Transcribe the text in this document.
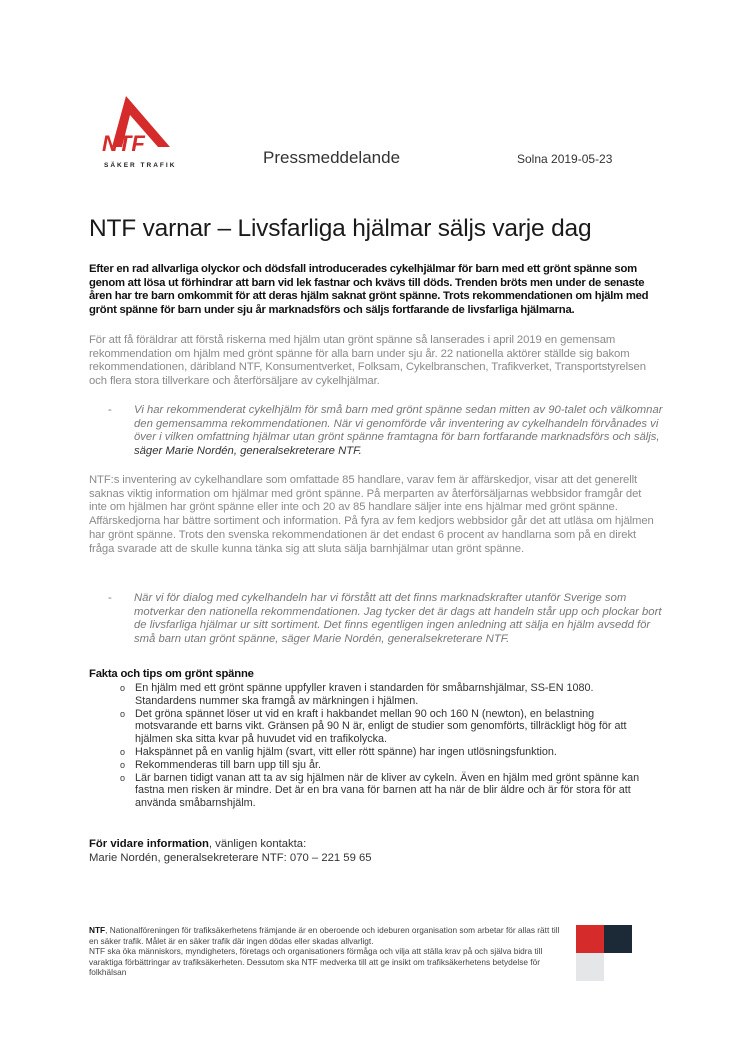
NTF
SÄKER TRAFIK	Pressmeddelande	Solna 2019-05-23
NTF varnar – Livsfarliga hjälmar säljs varje dag
Efter en rad allvarliga olyckor och dödsfall introducerades cykelhjälmar för barn med ett grönt spänne som genom att lösa ut förhindrar att barn vid lek fastnar och kvävs till döds. Trenden bröts men under de senaste åren har tre barn omkommit för att deras hjälm saknat grönt spänne. Trots rekommendationen om hjälm med grönt spänne för barn under sju år marknadsförs och säljs fortfarande de livsfarliga hjälmarna.
För att få föräldrar att förstå riskerna med hjälm utan grönt spänne så lanserades i april 2019 en gemensam rekommendation om hjälm med grönt spänne för alla barn under sju år. 22 nationella aktörer ställde sig bakom rekommendationen, däribland NTF, Konsumentverket, Folksam, Cykelbranschen, Trafikverket, Transportstyrelsen och flera stora tillverkare och återförsäljare av cykelhjälmar.
-	Vi har rekommenderat cykelhjälm för små barn med grönt spänne sedan mitten av 90-talet och välkomnar den gemensamma rekommendationen. När vi genomförde vår inventering av cykelhandeln förvånades vi över i vilken omfattning hjälmar utan grönt spänne framtagna för barn fortfarande marknadsförs och säljs, säger Marie Nordén, generalsekreterare NTF.
NTF:s inventering av cykelhandlare som omfattade 85 handlare, varav fem är affärskedjor, visar att det generellt saknas viktig information om hjälmar med grönt spänne. På merparten av återförsäljarnas webbsidor framgår det inte om hjälmen har grönt spänne eller inte och 20 av 85 handlare säljer inte ens hjälmar med grönt spänne. Affärskedjorna har bättre sortiment och information. På fyra av fem kedjors webbsidor går det att utläsa om hjälmen har grönt spänne. Trots den svenska rekommendationen är det endast 6 procent av handlarna som på en direkt fråga svarade att de skulle kunna tänka sig att sluta sälja barnhjälmar utan grönt spänne.
-	När vi för dialog med cykelhandeln har vi förstått att det finns marknadskrafter utanför Sverige som motverkar den nationella rekommendationen. Jag tycker det är dags att handeln står upp och plockar bort de livsfarliga hjälmar ur sitt sortiment. Det finns egentligen ingen anledning att sälja en hjälm avsedd för små barn utan grönt spänne, säger Marie Nordén, generalsekreterare NTF.
Fakta och tips om grönt spänne
o En hjälm med ett grönt spänne uppfyller kraven i standarden för småbarnshjälmar, SS-EN 1080. Standardens nummer ska framgå av märkningen i hjälmen.
o Det gröna spännet löser ut vid en kraft i hakbandet mellan 90 och 160 N (newton), en belastning motsvarande ett barns vikt. Gränsen på 90 N är, enligt de studier som genomförts, tillräckligt hög för att hjälmen ska sitta kvar på huvudet vid en trafikolycka.
o Hakspännet på en vanlig hjälm (svart, vitt eller rött spänne) har ingen utlösningsfunktion.
o Rekommenderas till barn upp till sju år.
o Lär barnen tidigt vanan att ta av sig hjälmen när de kliver av cykeln. Även en hjälm med grönt spänne kan fastna men risken är mindre. Det är en bra vana för barnen att ha när de blir äldre och är för stora för att använda småbarnshjälm.
För vidare information, vänligen kontakta:
Marie Nordén, generalsekreterare NTF: 070 – 221 59 65
NTF, Nationalföreningen för trafiksäkerhetens främjande är en oberoende och ideburen organisation som arbetar för allas rätt till en säker trafik. Målet är en säker trafik där ingen dödas eller skadas allvarligt.
NTF ska öka människors, myndigheters, företags och organisationers förmåga och vilja att ställa krav på och själva bidra till varaktiga förbättringar av trafiksäkerheten. Dessutom ska NTF medverka till att ge insikt om trafiksäkerhetens betydelse för folkhälsan
